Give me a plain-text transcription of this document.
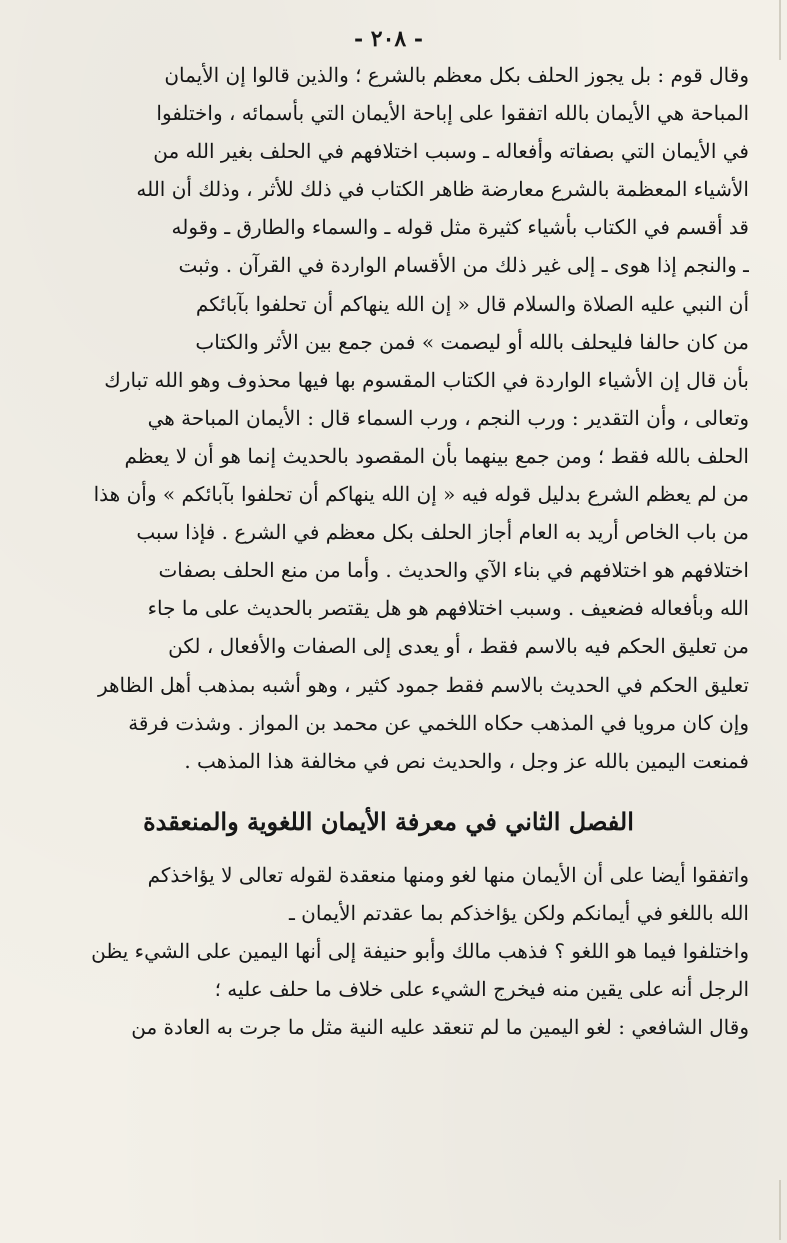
- ٢٠٨ -
وقال قوم : بل يجوز الحلف بكل معظم بالشرع ؛ والذين قالوا إن الأيمان
المباحة هي الأيمان بالله اتفقوا على إباحة الأيمان التي بأسمائه ، واختلفوا
في الأيمان التي بصفاته وأفعاله ـ وسبب اختلافهم في الحلف بغير الله من
الأشياء المعظمة بالشرع معارضة ظاهر الكتاب في ذلك للأثر ، وذلك أن الله
قد أقسم في الكتاب بأشياء كثيرة مثل قوله ـ والسماء والطارق ـ وقوله
ـ والنجم إذا هوى ـ إلى غير ذلك من الأقسام الواردة في القرآن . وثبت
أن النبي عليه الصلاة والسلام قال « إن الله ينهاكم أن تحلفوا بآبائكم
من كان حالفا فليحلف بالله أو ليصمت » فمن جمع بين الأثر والكتاب
بأن قال إن الأشياء الواردة في الكتاب المقسوم بها فيها محذوف وهو الله تبارك
وتعالى ، وأن التقدير : ورب النجم ، ورب السماء قال : الأيمان المباحة هي
الحلف بالله فقط ؛ ومن جمع بينهما بأن المقصود بالحديث إنما هو أن لا يعظم
من لم يعظم الشرع بدليل قوله فيه « إن الله ينهاكم أن تحلفوا بآبائكم » وأن هذا
من باب الخاص أريد به العام أجاز الحلف بكل معظم في الشرع . فإذا سبب
اختلافهم هو اختلافهم في بناء الآي والحديث . وأما من منع الحلف بصفات
الله وبأفعاله فضعيف . وسبب اختلافهم هو هل يقتصر بالحديث على ما جاء
من تعليق الحكم فيه بالاسم فقط ، أو يعدى إلى الصفات والأفعال ، لكن
تعليق الحكم في الحديث بالاسم فقط جمود كثير ، وهو أشبه بمذهب أهل الظاهر
وإن كان مرويا في المذهب حكاه اللخمي عن محمد بن المواز . وشذت فرقة
فمنعت اليمين بالله عز وجل ، والحديث نص في مخالفة هذا المذهب .
الفصل الثاني في معرفة الأيمان اللغوية والمنعقدة
واتفقوا أيضا على أن الأيمان منها لغو ومنها منعقدة لقوله تعالى لا يؤاخذكم
الله باللغو في أيمانكم ولكن يؤاخذكم بما عقدتم الأيمان ـ
واختلفوا فيما هو اللغو ؟ فذهب مالك وأبو حنيفة إلى أنها اليمين على الشيء يظن
الرجل أنه على يقين منه فيخرج الشيء على خلاف ما حلف عليه ؛
وقال الشافعي : لغو اليمين ما لم تنعقد عليه النية مثل ما جرت به العادة من
